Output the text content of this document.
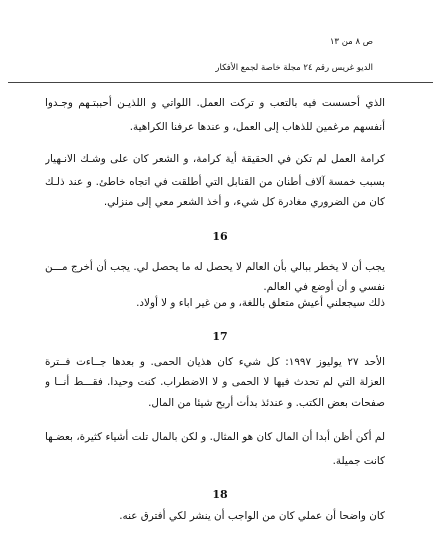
ص ٨ من ١٣
الديو غريس رقم ٢٤ مجلة خاصة لجمع الأفكار
الذي أحسست فيه بالتعب و تركت العمل. اللواتي و اللذيـن أحببتـهم وجـدوا
أنفسهم مرغمين للذهاب إلى العمل، و عندها عرفنا الكراهية.
كرامة العمل لم تكن في الحقيقة أية كرامة، و الشعر كان على وشـك الانـهيار
بسبب خمسة آلاف أطنان من القنابل التي أطلقت في اتجاه خاطئ. و عند ذلـك
كان من الضروري مغادرة كل شيء، و أخذ الشعر معي إلى منزلي.
16
يجب أن لا يخطر ببالي بأن العالم لا يحصل له ما يحصل لي. يجب أن أخرج مـــن
نفسي و أن أوضع في العالم.
ذلك سيجعلني أعيش متعلق باللغة، و من غير اباء و لا أولاد.
17
الأحد ٢٧ يوليوز ١٩٩٧: كل شيء كان هذيان الحمى. و بعدها جــاءت فــترة
العزلة التي لم تحدث فيها لا الحمى و لا الاضطراب. كنت وحيدا. فقـــط أنــا و
صفحات بعض الكتب. و عندئذ بدأت أربح شيئا من المال.
لم أكن أظن أبدا أن المال كان هو المثال. و لكن بالمال تلت أشياء كثيرة، بعضـها
كانت جميلة.
18
كان واضحا أن عملي كان من الواجب أن ينشر لكي أفترق عنه.
